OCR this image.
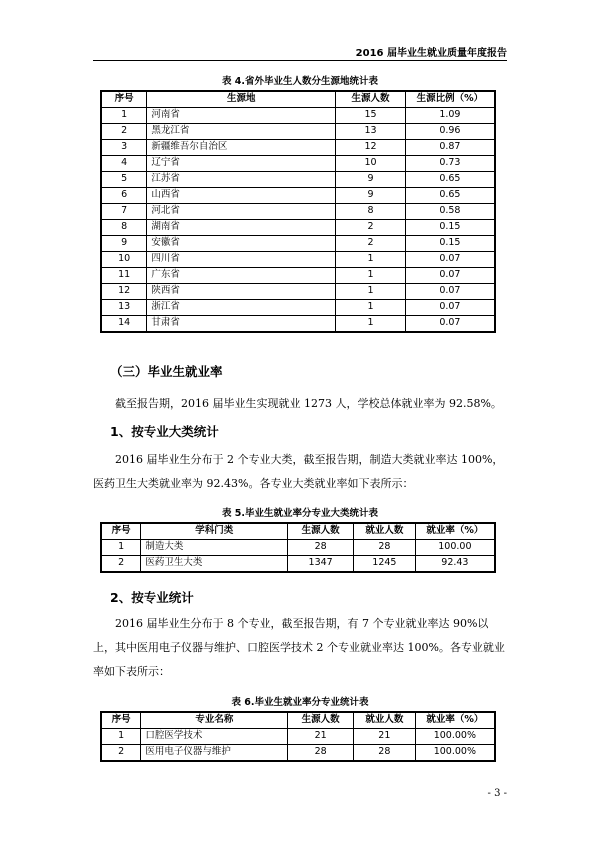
2016 届毕业生就业质量年度报告
表 4.省外毕业生人数分生源地统计表
序号	生源地	生源人数	生源比例（%）
1	河南省	15	1.09
2	黑龙江省	13	0.96
3	新疆维吾尔自治区	12	0.87
4	辽宁省	10	0.73
5	江苏省	9	0.65
6	山西省	9	0.65
7	河北省	8	0.58
8	湖南省	2	0.15
9	安徽省	2	0.15
10	四川省	1	0.07
11	广东省	1	0.07
12	陕西省	1	0.07
13	浙江省	1	0.07
14	甘肃省	1	0.07
（三）毕业生就业率
截至报告期，2016 届毕业生实现就业 1273 人，学校总体就业率为 92.58%。
1、按专业大类统计
2016 届毕业生分布于 2 个专业大类，截至报告期，制造大类就业率达 100%，医药卫生大类就业率为 92.43%。各专业大类就业率如下表所示：
表 5.毕业生就业率分专业大类统计表
序号	学科门类	生源人数	就业人数	就业率（%）
1	制造大类	28	28	100.00
2	医药卫生大类	1347	1245	92.43
2、按专业统计
2016 届毕业生分布于 8 个专业，截至报告期，有 7 个专业就业率达 90%以上，其中医用电子仪器与维护、口腔医学技术 2 个专业就业率达 100%。各专业就业率如下表所示：
表 6.毕业生就业率分专业统计表
序号	专业名称	生源人数	就业人数	就业率（%）
1	口腔医学技术	21	21	100.00%
2	医用电子仪器与维护	28	28	100.00%
- 3 -
